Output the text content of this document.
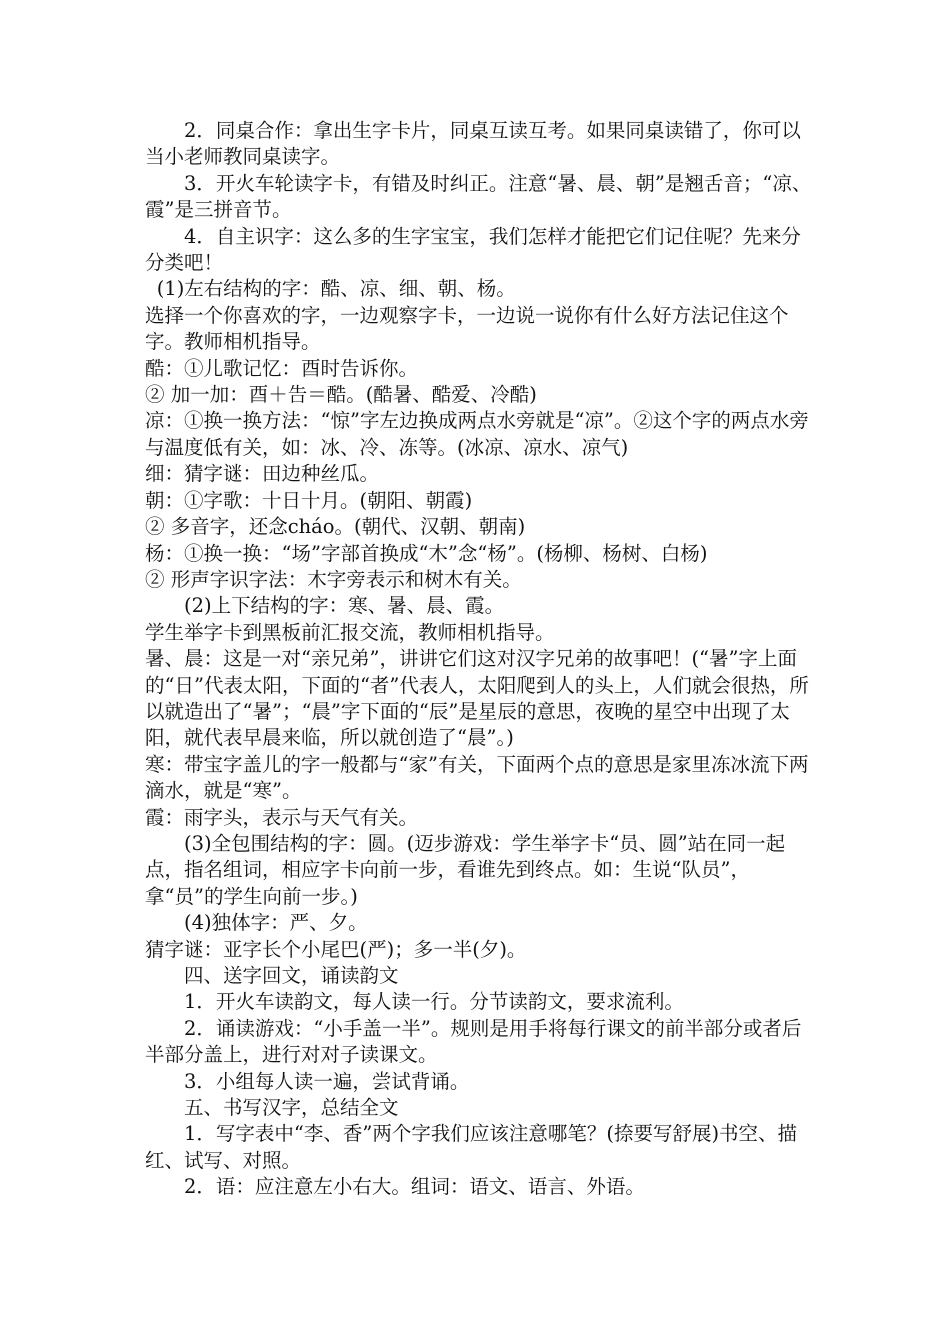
2．同桌合作：拿出生字卡片，同桌互读互考。如果同桌读错了，你可以当小老师教同桌读字。

3．开火车轮读字卡，有错及时纠正。注意“暑、晨、朝”是翘舌音；“凉、霞”是三拼音节。

4．自主识字：这么多的生字宝宝，我们怎样才能把它们记住呢？先来分分类吧！

(1)左右结构的字：酷、凉、细、朝、杨。

选择一个你喜欢的字，一边观察字卡，一边说一说你有什么好方法记住这个字。教师相机指导。

酷：①儿歌记忆：酉时告诉你。

② 加一加：酉＋告＝酷。(酷暑、酷爱、冷酷)

凉：①换一换方法：“惊”字左边换成两点水旁就是“凉”。②这个字的两点水旁与温度低有关，如：冰、冷、冻等。(冰凉、凉水、凉气)

细：猜字谜：田边种丝瓜。

朝：①字歌：十日十月。(朝阳、朝霞)

② 多音字，还念cháo。(朝代、汉朝、朝南)

杨：①换一换：“场”字部首换成“木”念“杨”。(杨柳、杨树、白杨)

② 形声字识字法：木字旁表示和树木有关。

(2)上下结构的字：寒、暑、晨、霞。

学生举字卡到黑板前汇报交流，教师相机指导。

暑、晨：这是一对“亲兄弟”，讲讲它们这对汉字兄弟的故事吧！(“暑”字上面的“日”代表太阳，下面的“者”代表人，太阳爬到人的头上，人们就会很热，所以就造出了“暑”；“晨”字下面的“辰”是星辰的意思，夜晚的星空中出现了太阳，就代表早晨来临，所以就创造了“晨”。)

寒：带宝字盖儿的字一般都与“家”有关，下面两个点的意思是家里冻冰流下两滴水，就是“寒”。

霞：雨字头，表示与天气有关。

(3)全包围结构的字：圆。(迈步游戏：学生举字卡“员、圆”站在同一起点，指名组词，相应字卡向前一步，看谁先到终点。如：生说“队员”，拿“员”的学生向前一步。)

(4)独体字：严、夕。

猜字谜：亚字长个小尾巴(严)；多一半(夕)。

四、送字回文，诵读韵文

1．开火车读韵文，每人读一行。分节读韵文，要求流利。

2．诵读游戏：“小手盖一半”。规则是用手将每行课文的前半部分或者后半部分盖上，进行对对子读课文。

3．小组每人读一遍，尝试背诵。

五、书写汉字，总结全文

1．写字表中“李、香”两个字我们应该注意哪笔？(捺要写舒展)书空、描红、试写、对照。

2．语：应注意左小右大。组词：语文、语言、外语。
